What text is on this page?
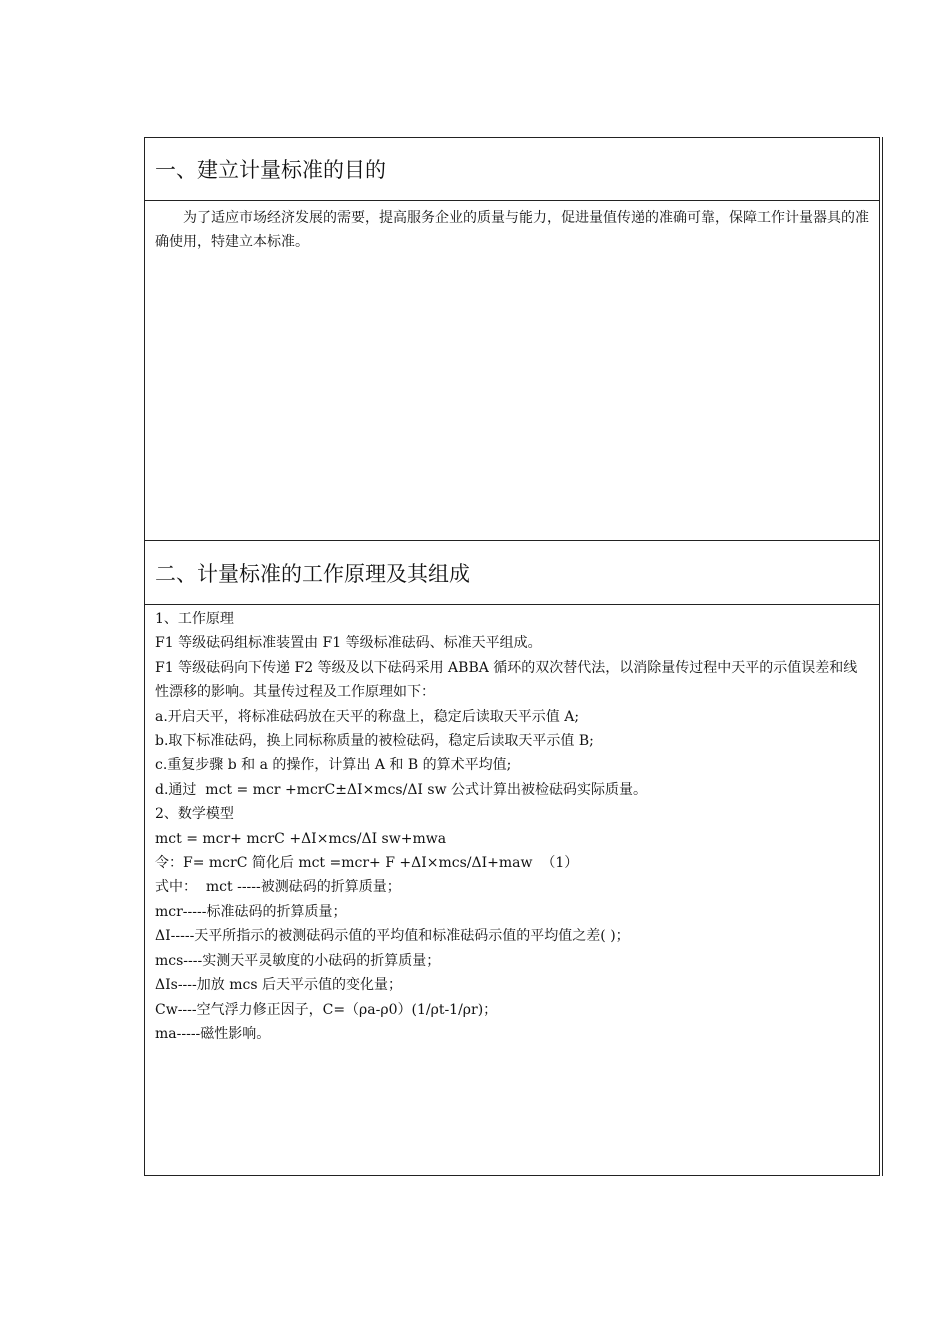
一、建立计量标准的目的
为了适应市场经济发展的需要，提高服务企业的质量与能力，促进量值传递的准确可靠，保障工作计量器具的准确使用，特建立本标准。
二、计量标准的工作原理及其组成
1、工作原理
F1 等级砝码组标准装置由 F1 等级标准砝码、标准天平组成。
F1 等级砝码向下传递 F2 等级及以下砝码采用 ABBA 循环的双次替代法，以消除量传过程中天平的示值误差和线性漂移的影响。其量传过程及工作原理如下：
a.开启天平，将标准砝码放在天平的称盘上，稳定后读取天平示值 A;
b.取下标准砝码，换上同标称质量的被检砝码，稳定后读取天平示值 B;
c.重复步骤 b 和 a 的操作，计算出 A 和 B 的算术平均值;
d.通过  mct = mcr +mcrC±ΔI×mcs/ΔI sw 公式计算出被检砝码实际质量。
2、数学模型
mct = mcr+ mcrC +ΔI×mcs/ΔI sw+mwa
令：F= mcrC 简化后 mct =mcr+ F +ΔI×mcs/ΔI+maw  （1）
式中：  mct -----被测砝码的折算质量；
mcr-----标准砝码的折算质量；
ΔI-----天平所指示的被测砝码示值的平均值和标准砝码示值的平均值之差( )；
mcs----实测天平灵敏度的小砝码的折算质量；
ΔIs----加放 mcs 后天平示值的变化量；
Cw----空气浮力修正因子，C=（ρa-ρ0）(1/ρt-1/ρr)；
ma-----磁性影响。
